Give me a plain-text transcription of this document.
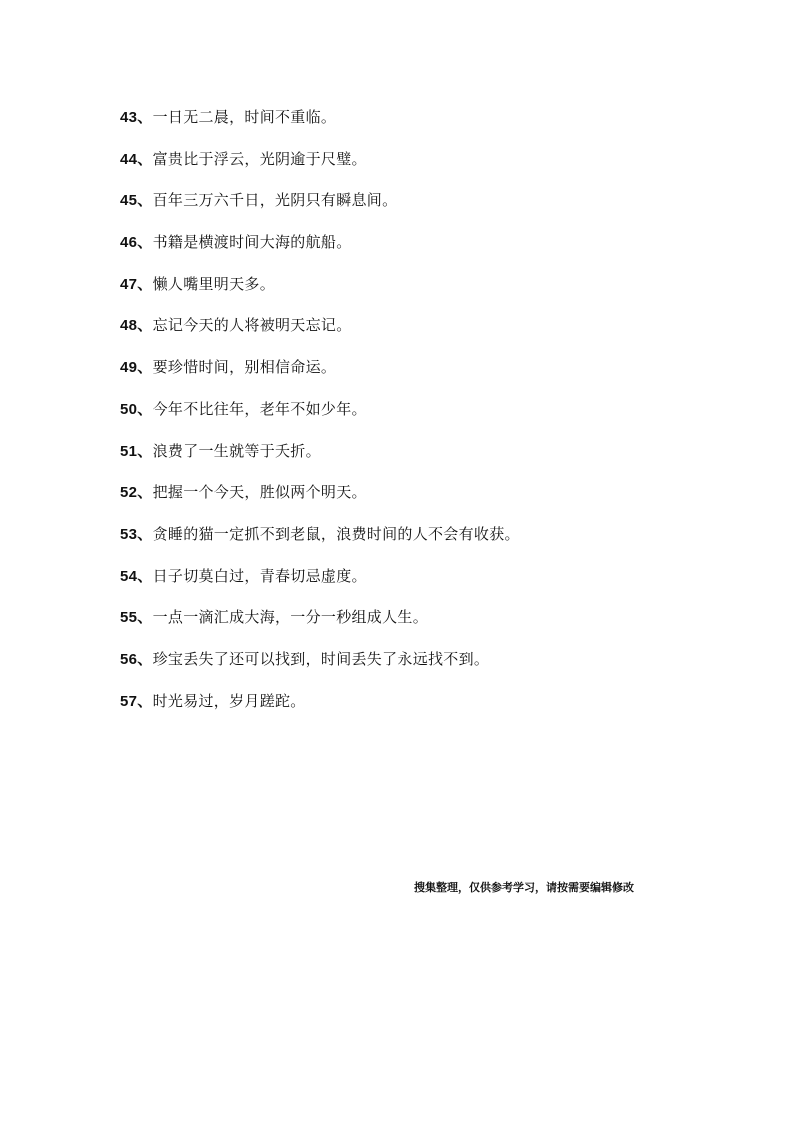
43、一日无二晨，时间不重临。
44、富贵比于浮云，光阴逾于尺璧。
45、百年三万六千日，光阴只有瞬息间。
46、书籍是横渡时间大海的航船。
47、懒人嘴里明天多。
48、忘记今天的人将被明天忘记。
49、要珍惜时间，别相信命运。
50、今年不比往年，老年不如少年。
51、浪费了一生就等于夭折。
52、把握一个今天，胜似两个明天。
53、贪睡的猫一定抓不到老鼠，浪费时间的人不会有收获。
54、日子切莫白过，青春切忌虚度。
55、一点一滴汇成大海，一分一秒组成人生。
56、珍宝丢失了还可以找到，时间丢失了永远找不到。
57、时光易过，岁月蹉跎。
搜集整理，仅供参考学习，请按需要编辑修改
